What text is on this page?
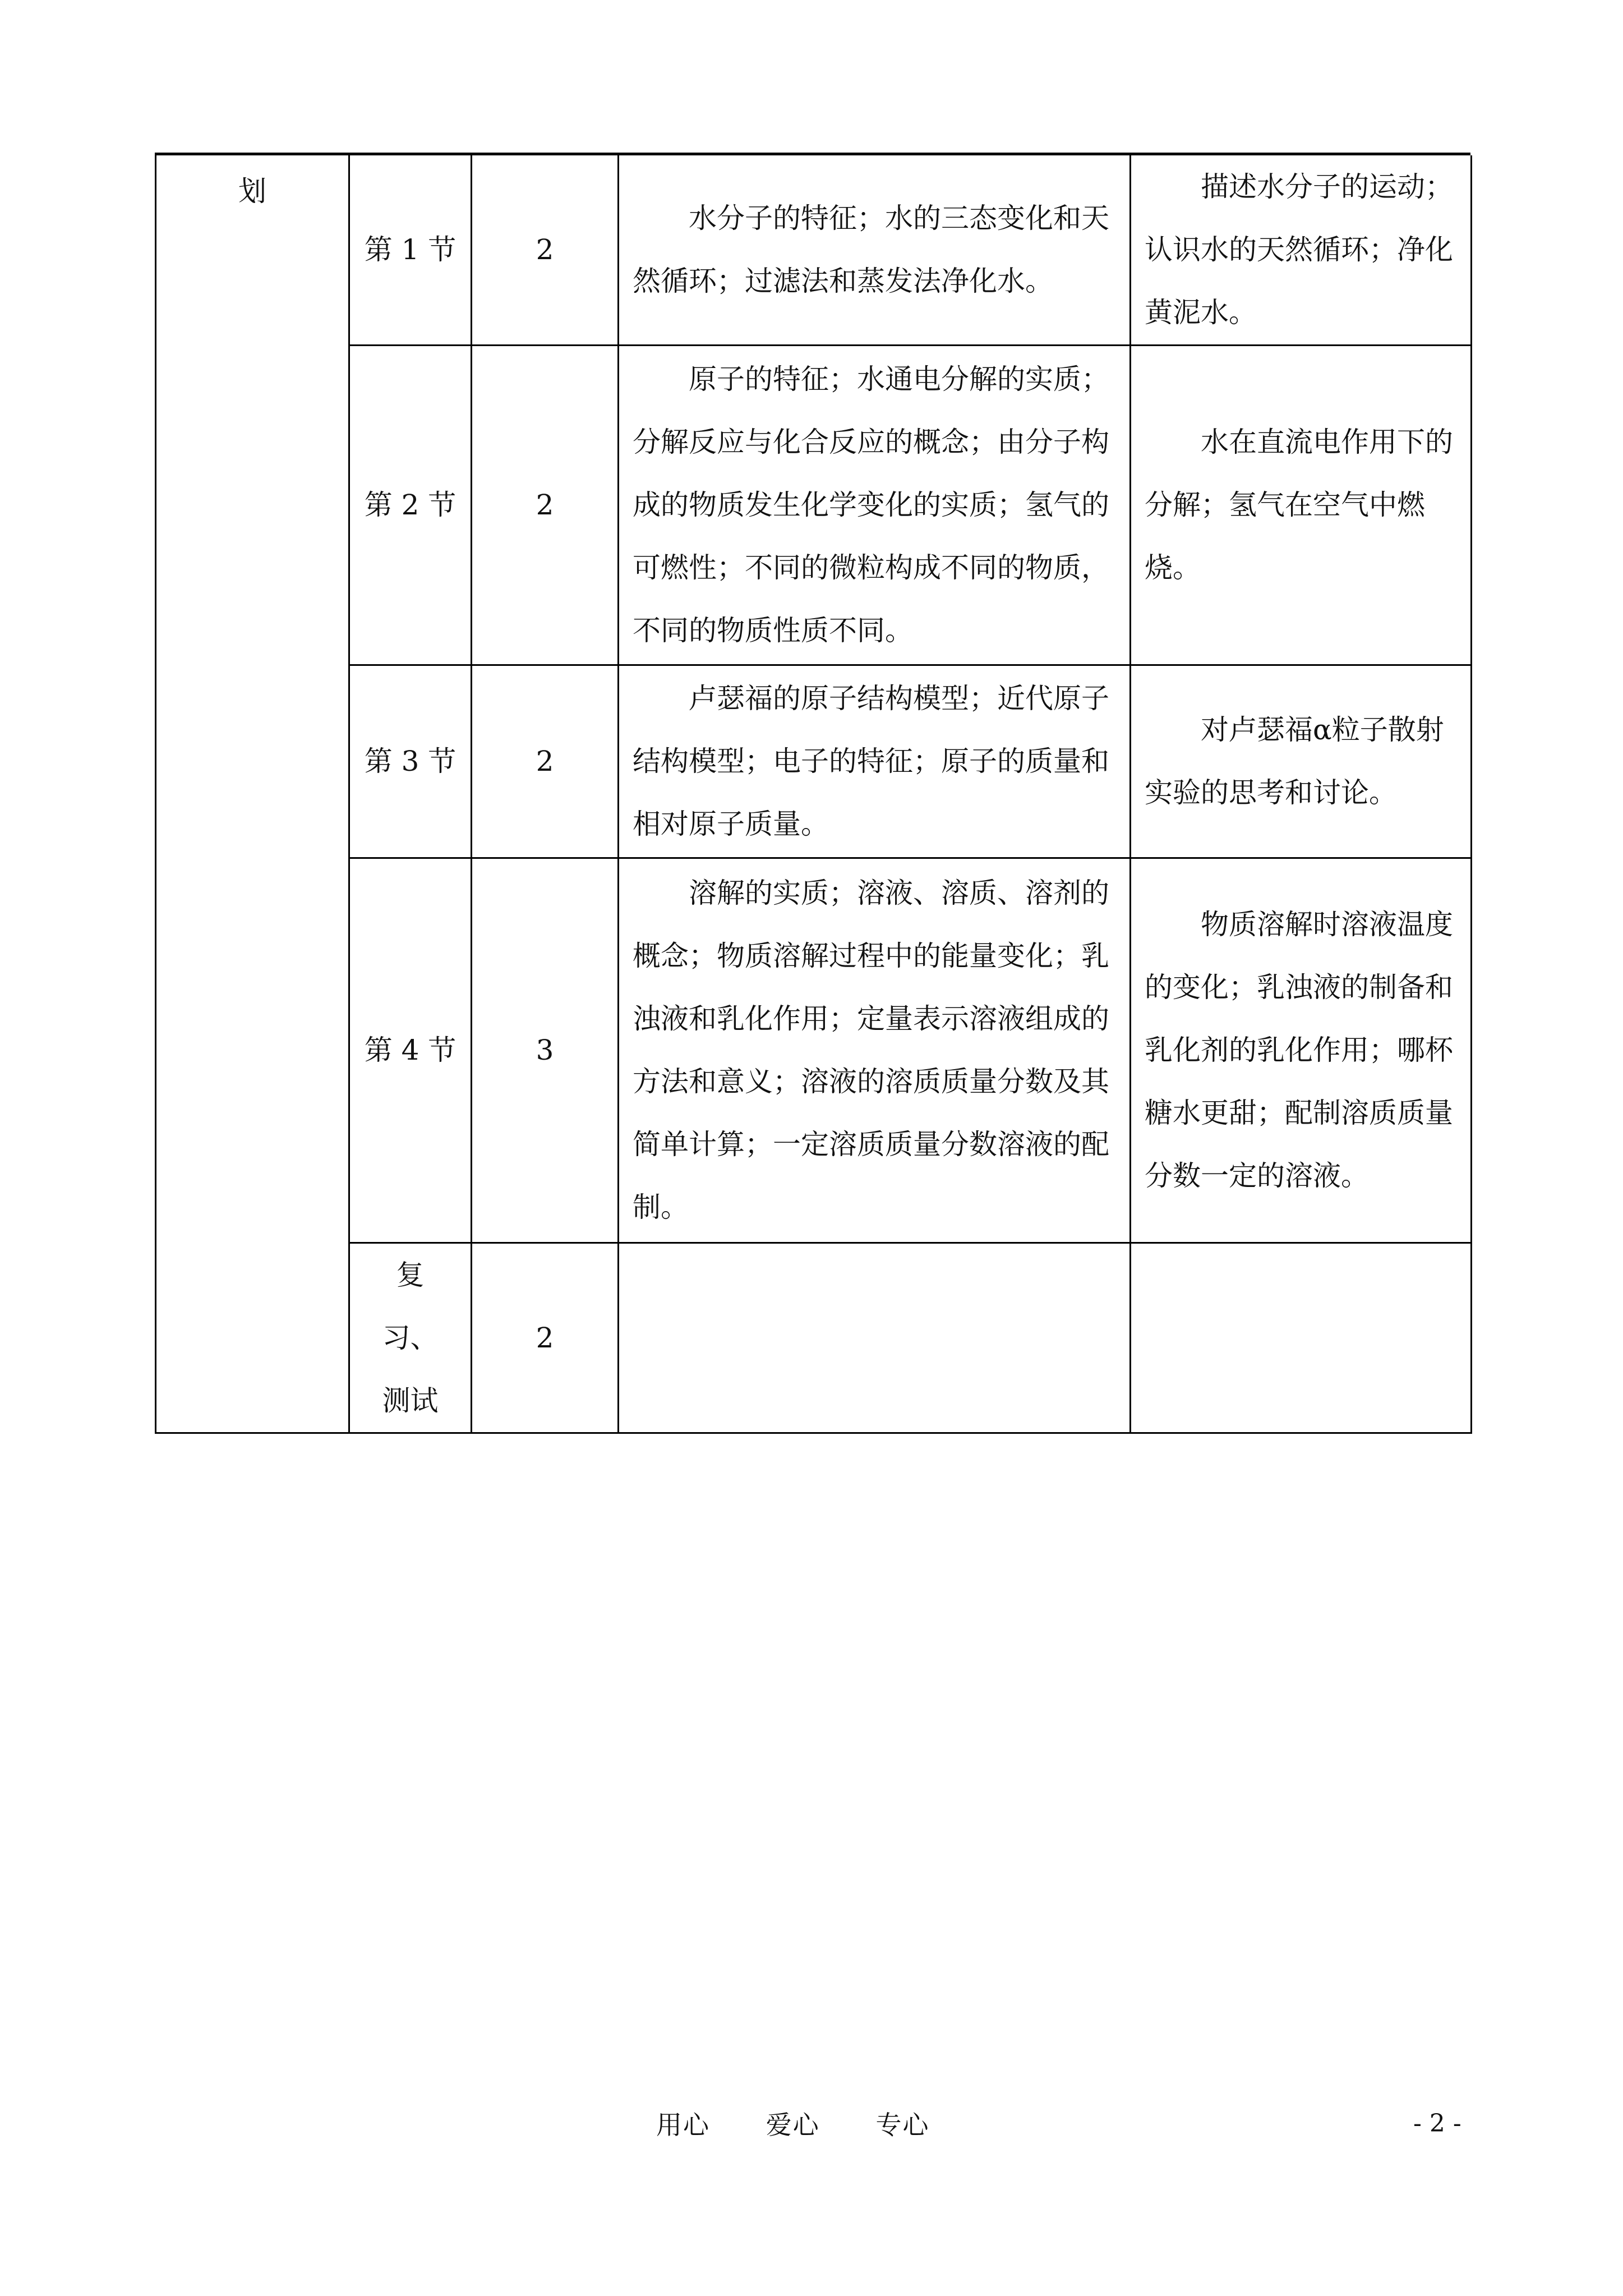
划	第 1 节	2	水分子的特征；水的三态变化和天然循环；过滤法和蒸发法净化水。	描述水分子的运动；认识水的天然循环；净化黄泥水。
	第 2 节	2	原子的特征；水通电分解的实质；分解反应与化合反应的概念；由分子构成的物质发生化学变化的实质；氢气的可燃性；不同的微粒构成不同的物质，不同的物质性质不同。	水在直流电作用下的分解；氢气在空气中燃烧。
	第 3 节	2	卢瑟福的原子结构模型；近代原子结构模型；电子的特征；原子的质量和相对原子质量。	对卢瑟福α粒子散射实验的思考和讨论。
	第 4 节	3	溶解的实质；溶液、溶质、溶剂的概念；物质溶解过程中的能量变化；乳浊液和乳化作用；定量表示溶液组成的方法和意义；溶液的溶质质量分数及其简单计算；一定溶质质量分数溶液的配制。	物质溶解时溶液温度的变化；乳浊液的制备和乳化剂的乳化作用；哪杯糖水更甜；配制溶质质量分数一定的溶液。

	复习、测试	2		
用心      爱心      专心	- 2 -
